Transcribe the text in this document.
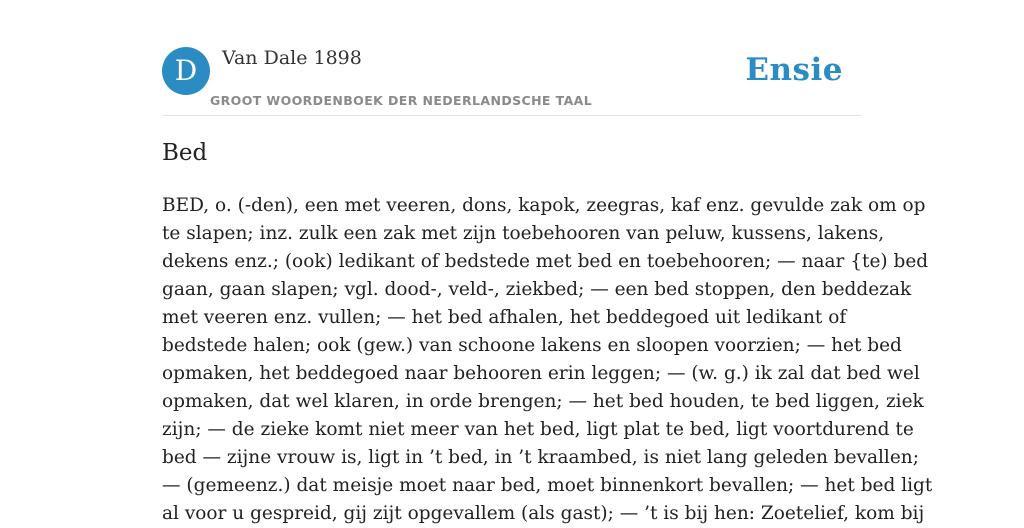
D	Van Dale 1898
GROOT WOORDENBOEK DER NEDERLANDSCHE TAAL
Ensie
Bed

BED, o. (-den), een met veeren, dons, kapok, zeegras, kaf enz. gevulde zak om op
te slapen; inz. zulk een zak met zijn toebehooren van peluw, kussens, lakens,
dekens enz.; (ook) ledikant of bedstede met bed en toebehooren; — naar {te) bed
gaan, gaan slapen; vgl. dood-, veld-, ziekbed; — een bed stoppen, den beddezak
met veeren enz. vullen; — het bed afhalen, het beddegoed uit ledikant of
bedstede halen; ook (gew.) van schoone lakens en sloopen voorzien; — het bed
opmaken, het beddegoed naar behooren erin leggen; — (w. g.) ik zal dat bed wel
opmaken, dat wel klaren, in orde brengen; — het bed houden, te bed liggen, ziek
zijn; — de zieke komt niet meer van het bed, ligt plat te bed, ligt voortdurend te
bed — zijne vrouw is, ligt in ’t bed, in ’t kraambed, is niet lang geleden bevallen;
— (gemeenz.) dat meisje moet naar bed, moet binnenkort bevallen; — het bed ligt
al voor u gespreid, gij zijt opgevallem (als gast); — ’t is bij hen: Zoetelief, kom bij
